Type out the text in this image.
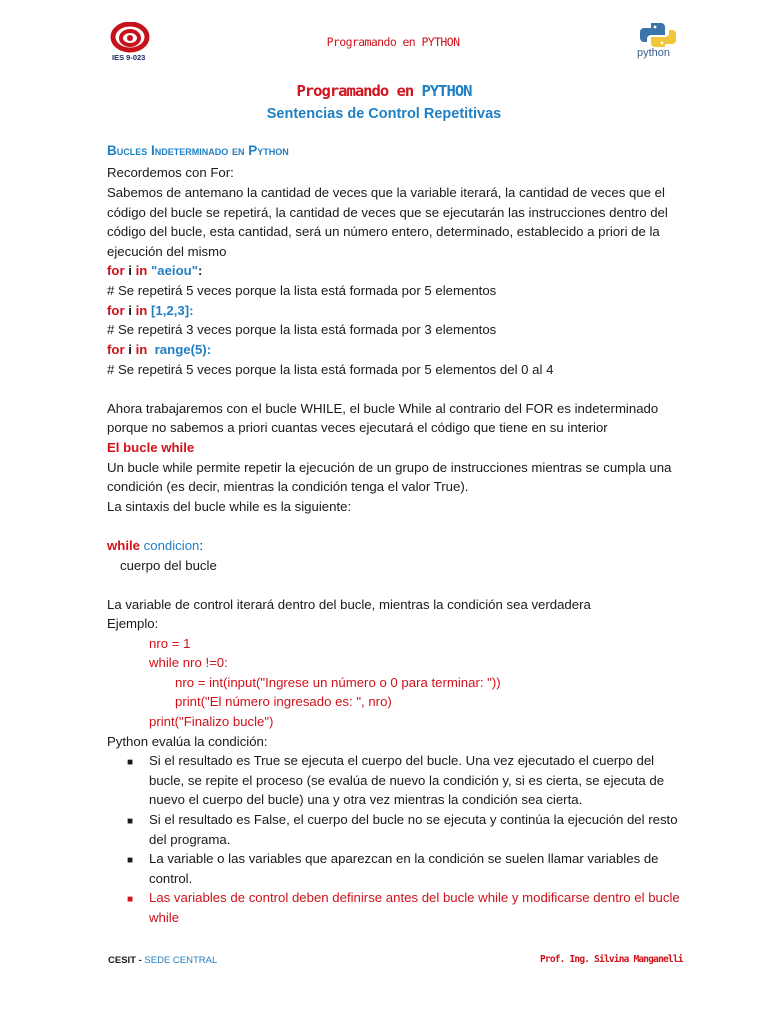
IES 9-023
Programando en PYTHON
python
Programando en PYTHON
Sentencias de Control Repetitivas
Bucles Indeterminado en Python
Recordemos con For:
Sabemos de antemano la cantidad de veces que la variable iterará, la cantidad de veces que el
código del bucle se repetirá, la cantidad de veces que se ejecutarán las instrucciones dentro del
código del bucle, esta cantidad, será un número entero, determinado, establecido a priori de la
ejecución del mismo
for i in "aeiou":
# Se repetirá 5 veces porque la lista está formada por 5 elementos
for i in [1,2,3]:
# Se repetirá 3 veces porque la lista está formada por 3 elementos
for i in range(5):
# Se repetirá 5 veces porque la lista está formada por 5 elementos del 0 al 4
Ahora trabajaremos con el bucle WHILE, el bucle While al contrario del FOR es indeterminado
porque no sabemos a priori cuantas veces ejecutará el código que tiene en su interior
El bucle while
Un bucle while permite repetir la ejecución de un grupo de instrucciones mientras se cumpla una
condición (es decir, mientras la condición tenga el valor True).
La sintaxis del bucle while es la siguiente:
while condicion:
cuerpo del bucle
La variable de control iterará dentro del bucle, mientras la condición sea verdadera
Ejemplo:
nro = 1
while nro !=0:
nro = int(input("Ingrese un número o 0 para terminar: "))
print("El número ingresado es: ", nro)
print("Finalizo bucle")
Python evalúa la condición:
■ Si el resultado es True se ejecuta el cuerpo del bucle. Una vez ejecutado el cuerpo del bucle, se repite el proceso (se evalúa de nuevo la condición y, si es cierta, se ejecuta de nuevo el cuerpo del bucle) una y otra vez mientras la condición sea cierta.
■ Si el resultado es False, el cuerpo del bucle no se ejecuta y continúa la ejecución del resto del programa.
■ La variable o las variables que aparezcan en la condición se suelen llamar variables de control.
■ Las variables de control deben definirse antes del bucle while y modificarse dentro el bucle while
CESIT - SEDE CENTRAL	Prof. Ing. Silvina Manganelli
